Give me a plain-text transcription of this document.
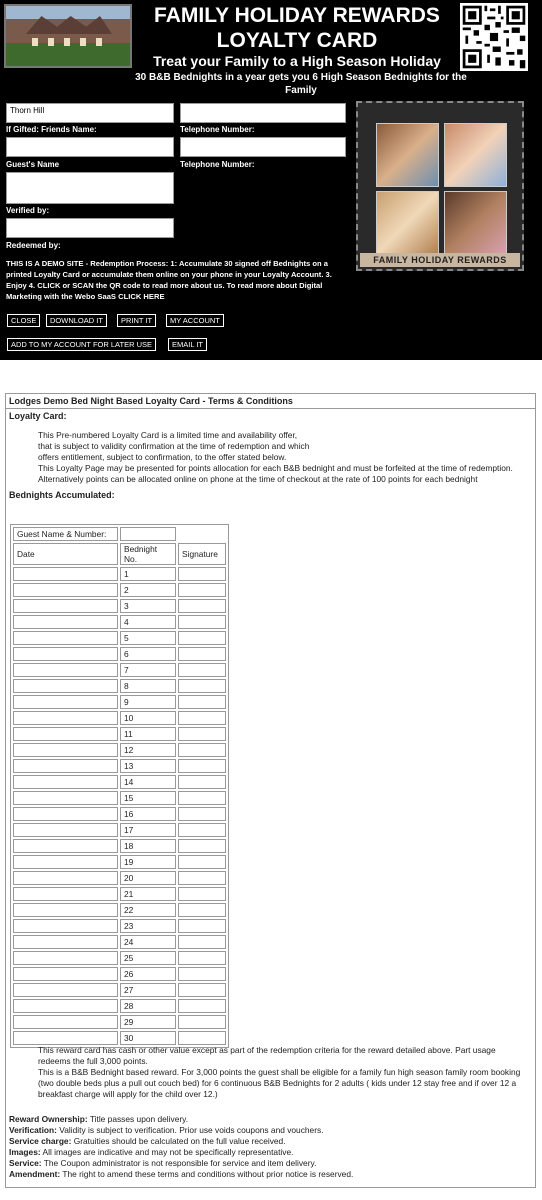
FAMILY HOLIDAY REWARDS
LOYALTY CARD
Treat your Family to a High Season Holiday
30 B&B Bednights in a year gets you 6 High Season Bednights for the Family
Thorn Hill
If Gifted: Friends Name:	Telephone Number:
Guest's Name	Telephone Number:
Verified by:
Redeemed by:
FAMILY HOLIDAY REWARDS
THIS IS A DEMO SITE - Redemption Process: 1: Accumulate 30 signed off Bednights on a printed Loyalty Card or accumulate them online on your phone in your Loyalty Account. 3. Enjoy 4. CLICK or SCAN the QR code to read more about us. To read more about Digital Marketing with the Webo SaaS CLICK HERE
CLOSE	DOWNLOAD IT	PRINT IT	MY ACCOUNT
ADD TO MY ACCOUNT FOR LATER USE	EMAIL IT
Lodges Demo Bed Night Based Loyalty Card - Terms & Conditions
Loyalty Card:
This Pre-numbered Loyalty Card is a limited time and availability offer,
that is subject to validity confirmation at the time of redemption and which
offers entitlement, subject to confirmation, to the offer stated below.
This Loyalty Page may be presented for points allocation for each B&B bednight and must be forfeited at the time of redemption.
Alternatively points can be allocated online on phone at the time of checkout at the rate of 100 points for each bednight
Bednights Accumulated:
Guest Name & Number:		
Date	Bednight No.	Signature
	1	
	2	
	3	
	4	
	5	
	6	
	7	
	8	
	9	
	10	
	11	
	12	
	13	
	14	
	15	
	16	
	17	
	18	
	19	
	20	
	21	
	22	
	23	
	24	
	25	
	26	
	27	
	28	
	29	
	30	
This reward card has cash or other value except as part of the redemption criteria for the reward detailed above. Part usage redeems the full 3,000 points.
This is a B&B Bednight based reward. For 3,000 points the guest shall be eligible for a family fun high season family room booking (two double beds plus a pull out couch bed) for 6 continuous B&B Bednights for 2 adults ( kids under 12 stay free and if over 12 a breakfast charge will apply for the child over 12.)
Reward Ownership: Title passes upon delivery.
Verification: Validity is subject to verification. Prior use voids coupons and vouchers.
Service charge: Gratuities should be calculated on the full value received.
Images: All images are indicative and may not be specifically representative.
Service: The Coupon administrator is not responsible for service and item delivery.
Amendment: The right to amend these terms and conditions without prior notice is reserved.
